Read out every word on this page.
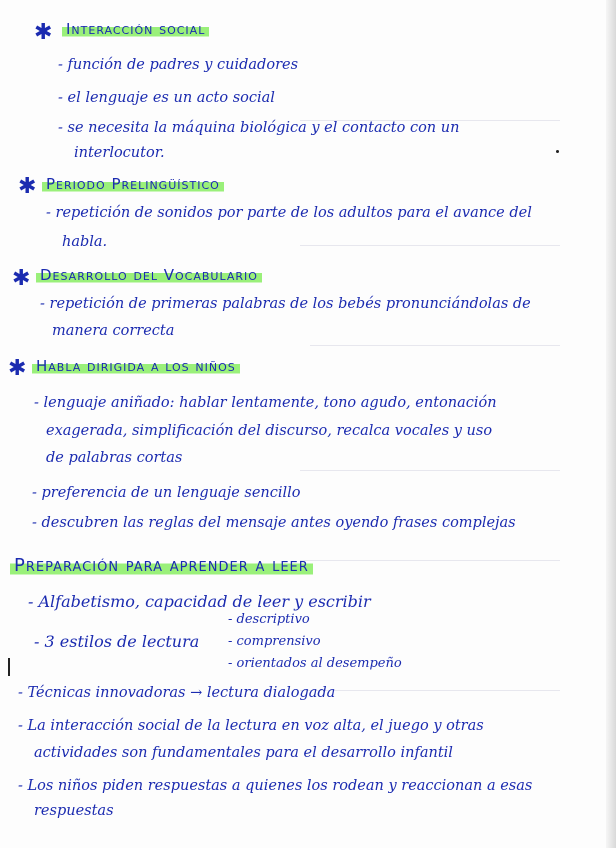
✱ Interacción social
- función de padres y cuidadores
- el lenguaje es un acto social
- se necesita la máquina biológica y el contacto con un
interlocutor.
✱ Periodo Prelingüístico
- repetición de sonidos por parte de los adultos para el avance del
habla.
✱ Desarrollo del Vocabulario
- repetición de primeras palabras de los bebés pronunciándolas de
manera correcta
✱ Habla dirigida a los niños
- lenguaje aniñado: hablar lentamente, tono agudo, entonación
exagerada, simplificación del discurso, recalca vocales y uso
de palabras cortas
- preferencia de un lenguaje sencillo
- descubren las reglas del mensaje antes oyendo frases complejas
Preparación para aprender a leer
- Alfabetismo, capacidad de leer y escribir
- 3 estilos de lectura
- descriptivo
- comprensivo
- orientados al desempeño
- Técnicas innovadoras → lectura dialogada
- La interacción social de la lectura en voz alta, el juego y otras
actividades son fundamentales para el desarrollo infantil
- Los niños piden respuestas a quienes los rodean y reaccionan a esas
respuestas
